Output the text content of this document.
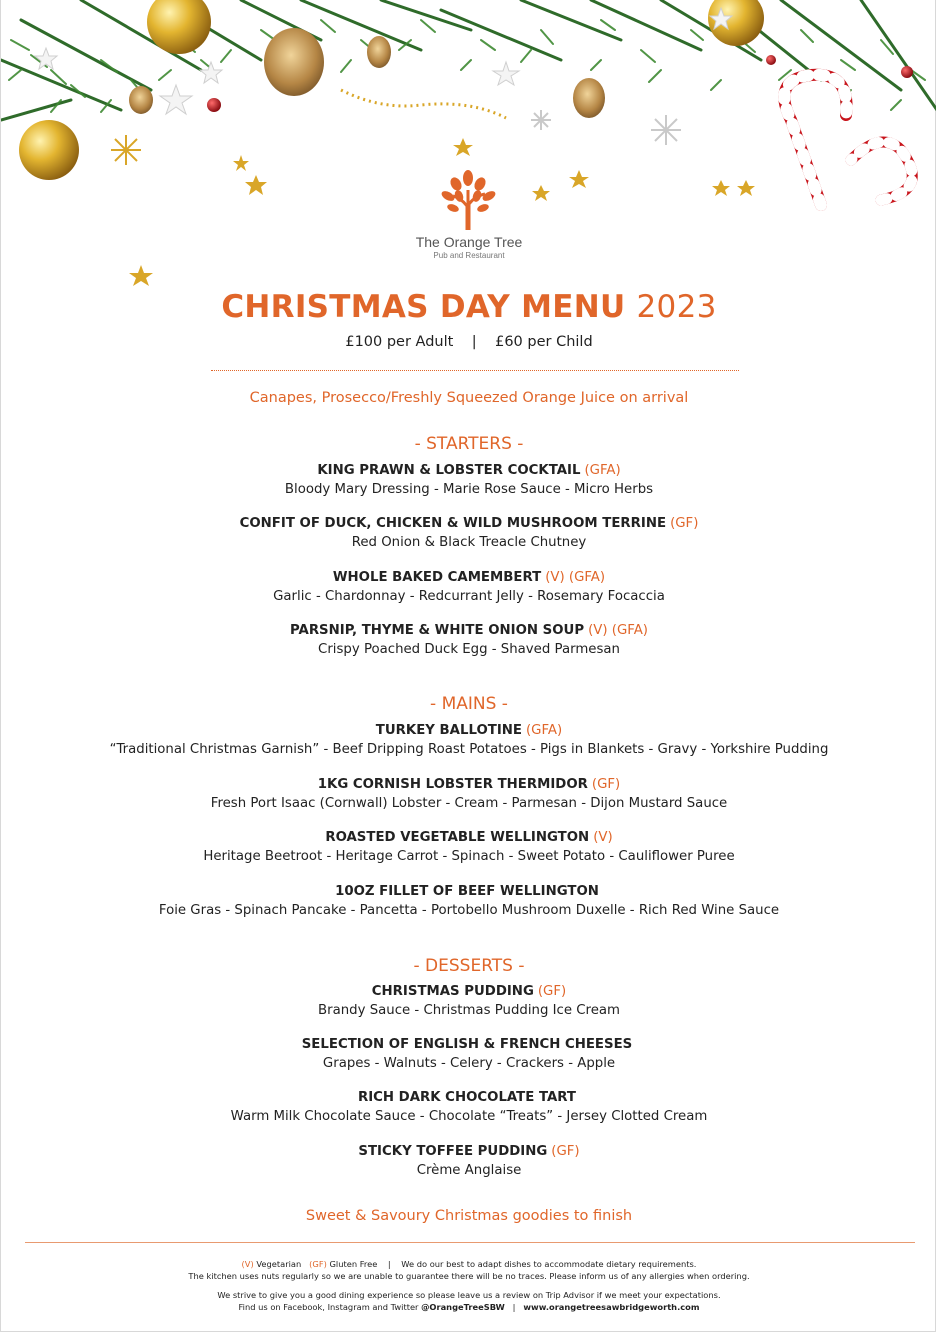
The Orange Tree
Pub and Restaurant
CHRISTMAS DAY MENU 2023
£100 per Adult | £60 per Child
Canapes, Prosecco/Freshly Squeezed Orange Juice on arrival
- STARTERS -
KING PRAWN & LOBSTER COCKTAIL (GFA)
Bloody Mary Dressing - Marie Rose Sauce - Micro Herbs
CONFIT OF DUCK, CHICKEN & WILD MUSHROOM TERRINE (GF)
Red Onion & Black Treacle Chutney
WHOLE BAKED CAMEMBERT (V) (GFA)
Garlic - Chardonnay - Redcurrant Jelly - Rosemary Focaccia
PARSNIP, THYME & WHITE ONION SOUP (V) (GFA)
Crispy Poached Duck Egg - Shaved Parmesan
- MAINS -
TURKEY BALLOTINE (GFA)
“Traditional Christmas Garnish” - Beef Dripping Roast Potatoes - Pigs in Blankets - Gravy - Yorkshire Pudding
1KG CORNISH LOBSTER THERMIDOR (GF)
Fresh Port Isaac (Cornwall) Lobster - Cream - Parmesan - Dijon Mustard Sauce
ROASTED VEGETABLE WELLINGTON (V)
Heritage Beetroot - Heritage Carrot - Spinach - Sweet Potato - Cauliflower Puree
10OZ FILLET OF BEEF WELLINGTON
Foie Gras - Spinach Pancake - Pancetta - Portobello Mushroom Duxelle - Rich Red Wine Sauce
- DESSERTS -
CHRISTMAS PUDDING (GF)
Brandy Sauce - Christmas Pudding Ice Cream
SELECTION OF ENGLISH & FRENCH CHEESES
Grapes - Walnuts - Celery - Crackers - Apple
RICH DARK CHOCOLATE TART
Warm Milk Chocolate Sauce - Chocolate “Treats” - Jersey Clotted Cream
STICKY TOFFEE PUDDING (GF)
Crème Anglaise
Sweet & Savoury Christmas goodies to finish
(V) Vegetarian (GF) Gluten Free | We do our best to adapt dishes to accommodate dietary requirements.
The kitchen uses nuts regularly so we are unable to guarantee there will be no traces. Please inform us of any allergies when ordering.
We strive to give you a good dining experience so please leave us a review on Trip Advisor if we meet your expectations.
Find us on Facebook, Instagram and Twitter @OrangeTreeSBW | www.orangetreesawbridgeworth.com
